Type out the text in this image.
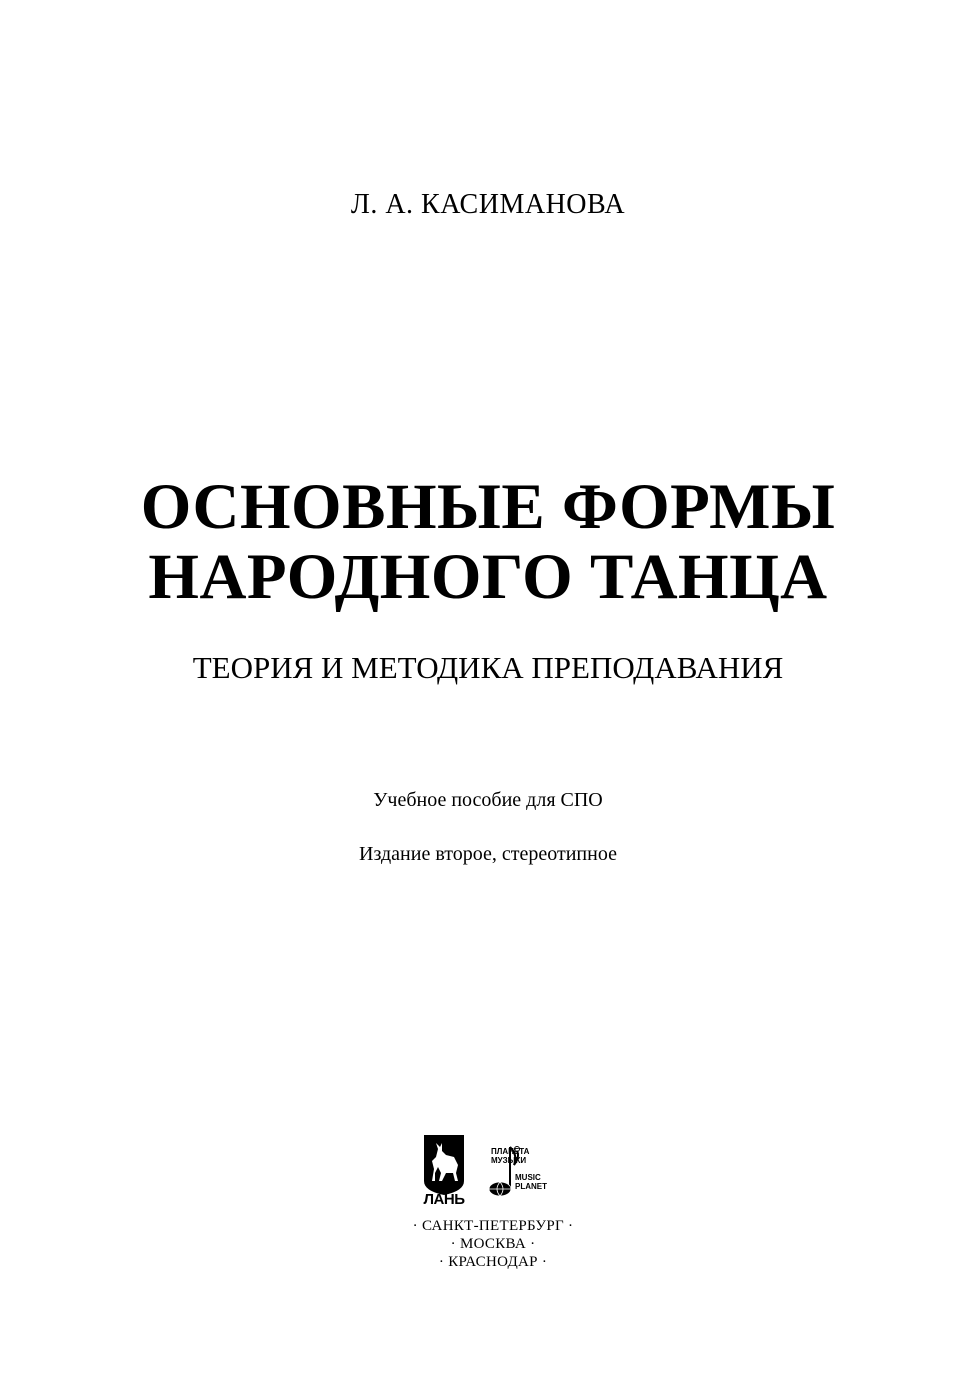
Л. А. КАСИМАНОВА
ОСНОВНЫЕ ФОРМЫ
НАРОДНОГО ТАНЦА
ТЕОРИЯ И МЕТОДИКА ПРЕПОДАВАНИЯ
Учебное пособие для СПО
Издание второе, стереотипное
ЛАНЬ
ПЛАНЕТА
МУЗЫКИ
MUSIC
PLANET
· САНКТ-ПЕТЕРБУРГ ·
· МОСКВА ·
· КРАСНОДАР ·
